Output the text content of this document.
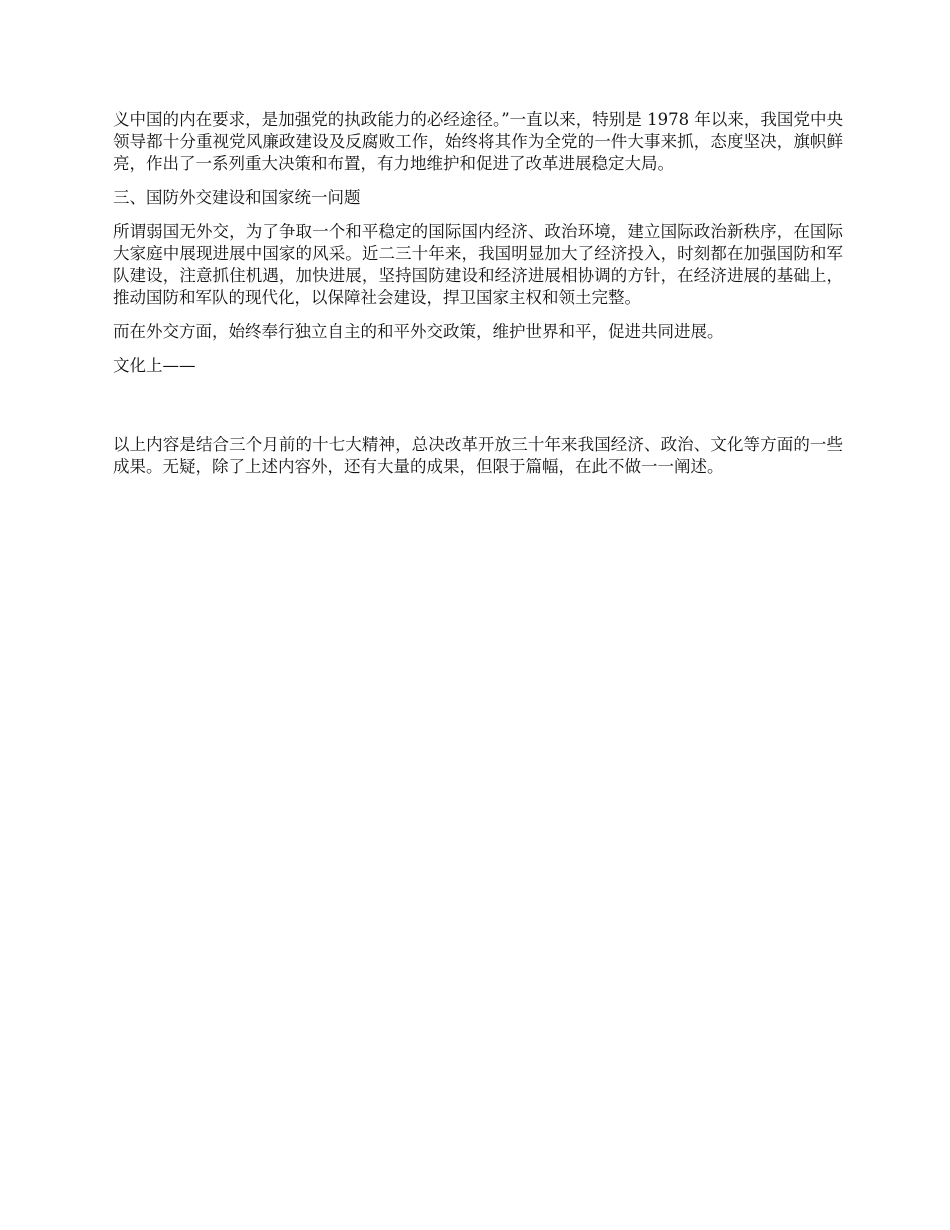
义中国的内在要求，是加强党的执政能力的必经途径。”一直以来，特别是 1978 年以来，我国党中央领导都十分重视党风廉政建设及反腐败工作，始终将其作为全党的一件大事来抓，态度坚决，旗帜鲜亮，作出了一系列重大决策和布置，有力地维护和促进了改革进展稳定大局。

三、国防外交建设和国家统一问题

所谓弱国无外交，为了争取一个和平稳定的国际国内经济、政治环境，建立国际政治新秩序，在国际大家庭中展现进展中国家的风采。近二三十年来，我国明显加大了经济投入，时刻都在加强国防和军队建设，注意抓住机遇，加快进展，坚持国防建设和经济进展相协调的方针，在经济进展的基础上，推动国防和军队的现代化，以保障社会建设，捍卫国家主权和领土完整。

而在外交方面，始终奉行独立自主的和平外交政策，维护世界和平，促进共同进展。

文化上——

以上内容是结合三个月前的十七大精神，总决改革开放三十年来我国经济、政治、文化等方面的一些成果。无疑，除了上述内容外，还有大量的成果，但限于篇幅，在此不做一一阐述。
